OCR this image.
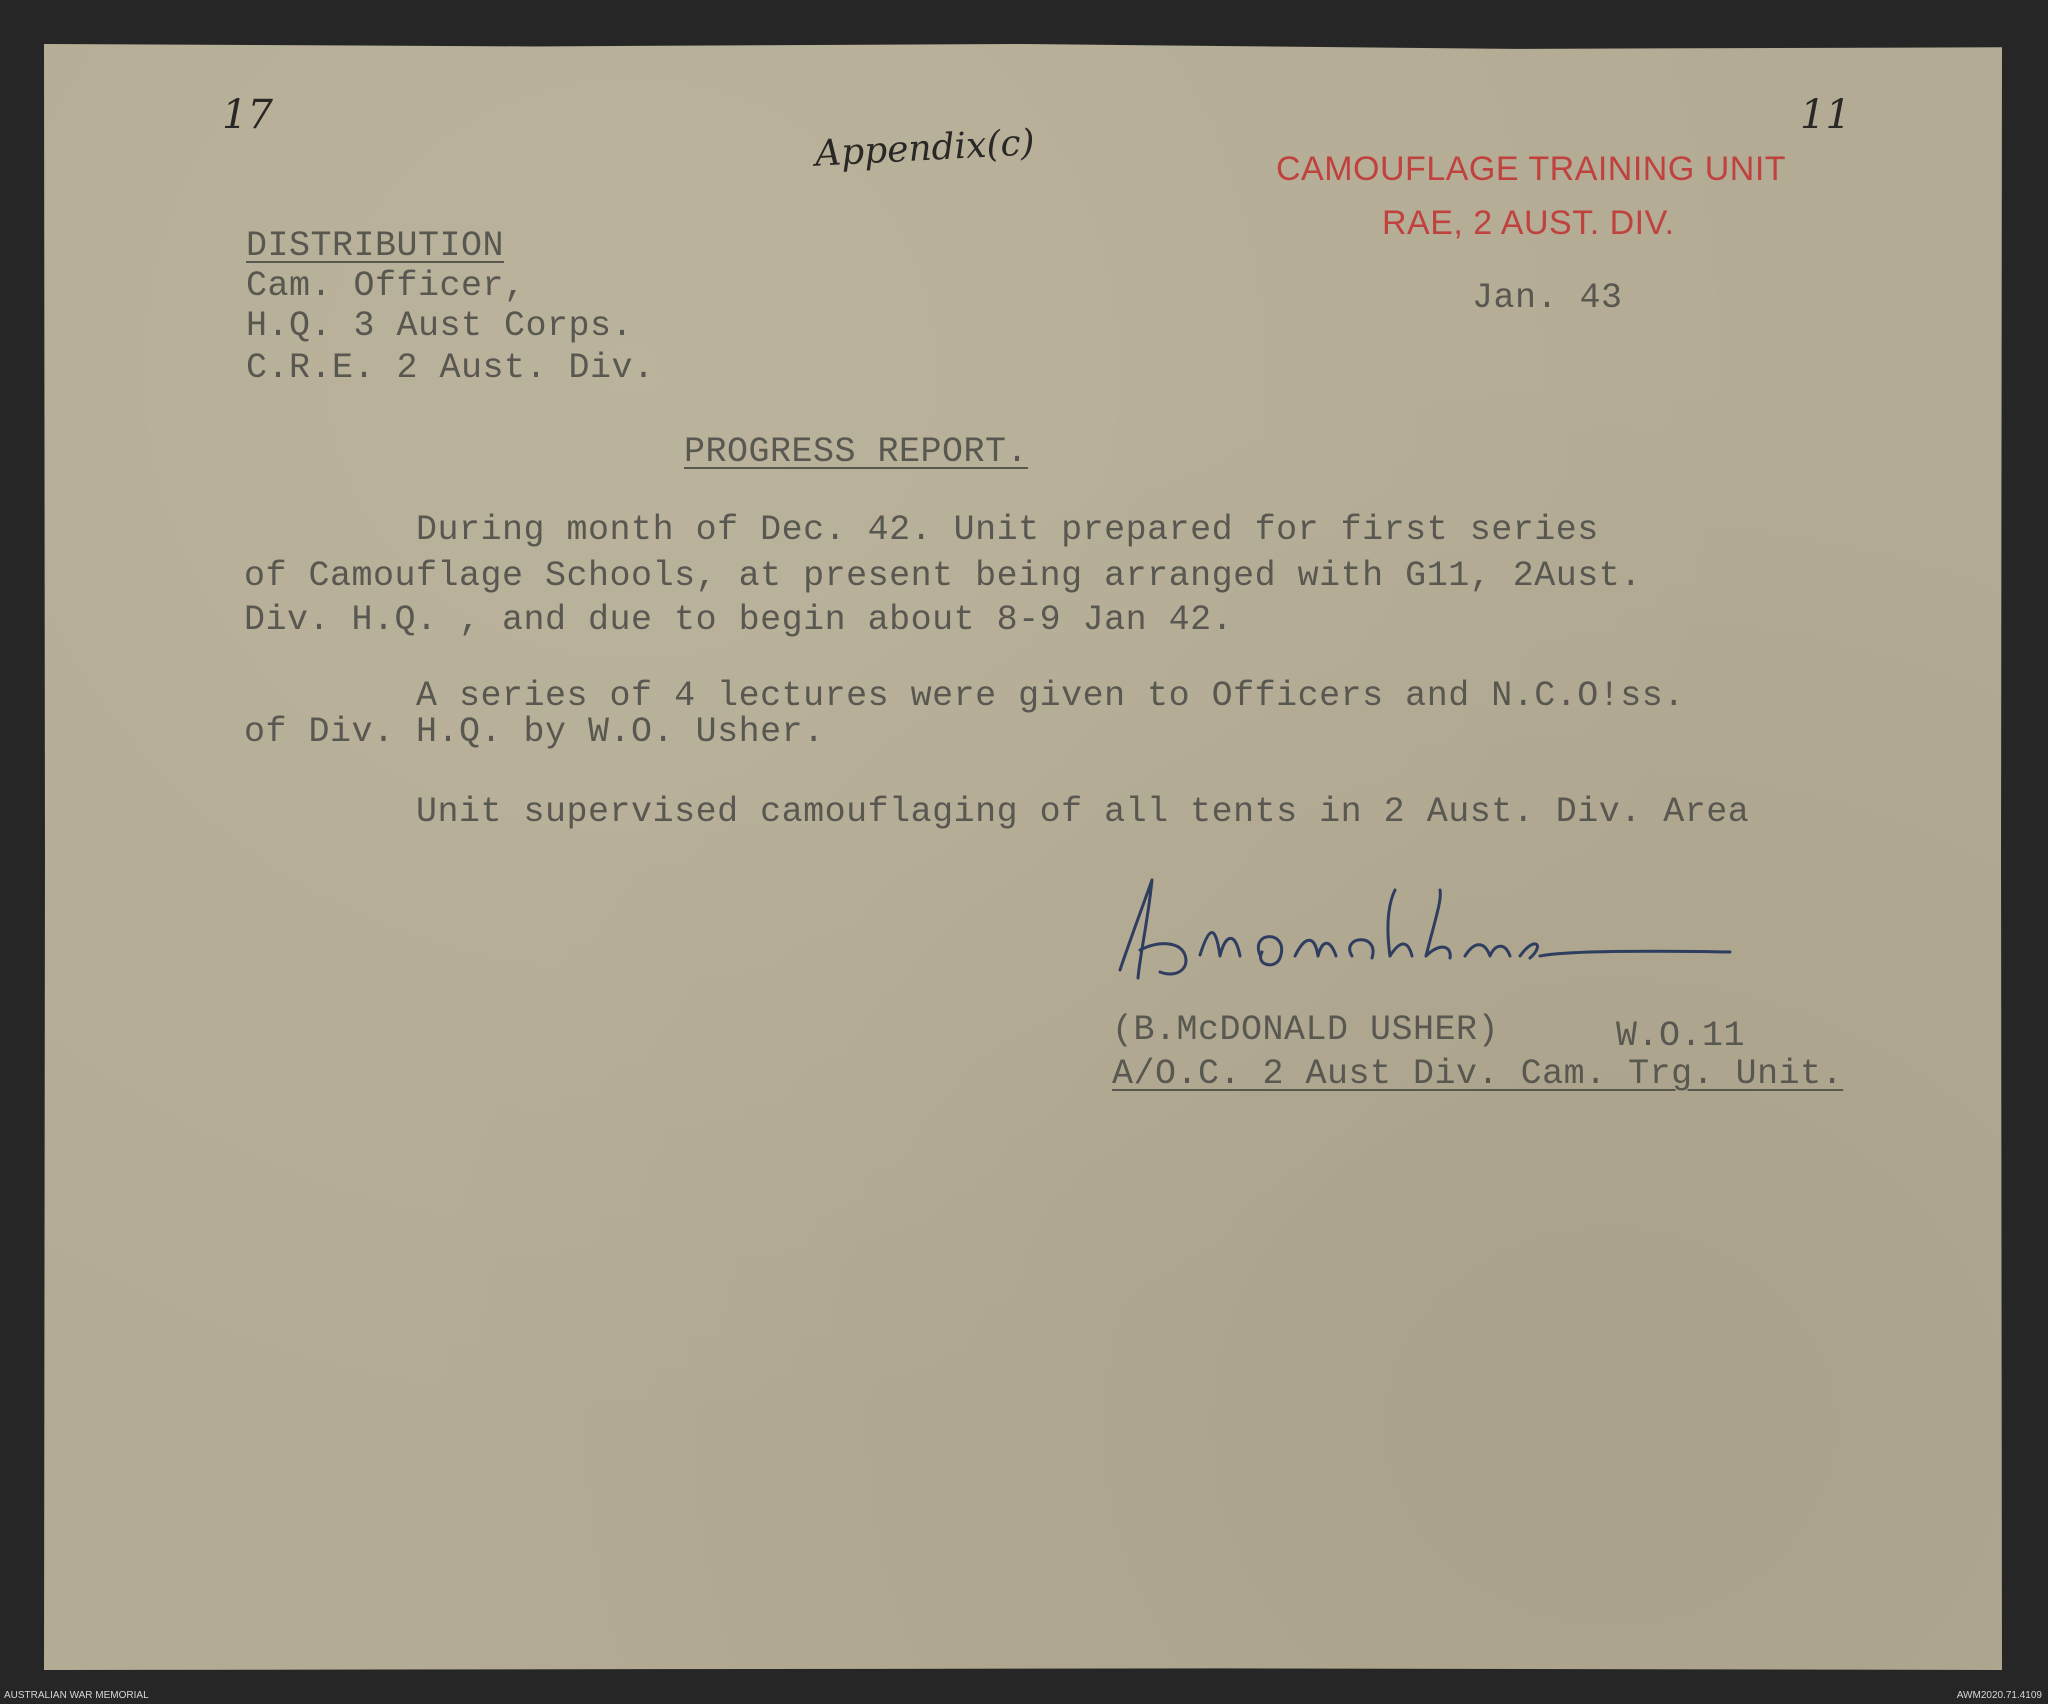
17	11
Appendix(c)	CAMOUFLAGE TRAINING UNIT
RAE, 2 AUST. DIV.
Jan. 43
DISTRIBUTION
Cam. Officer,
H.Q. 3 Aust Corps.
C.R.E. 2 Aust. Div.
PROGRESS REPORT.
During month of Dec. 42. Unit prepared for first series
of Camouflage Schools, at present being arranged with G11, 2Aust.
Div. H.Q. , and due to begin about 8-9 Jan 42.
A series of 4 lectures were given to Officers and N.C.O!ss.
of Div. H.Q. by W.O. Usher.
Unit supervised camouflaging of all tents in 2 Aust. Div. Area
(B.McDONALD USHER)	W.O.11
A/O.C. 2 Aust Div. Cam. Trg. Unit.
AUSTRALIAN WAR MEMORIAL	AWM2020.71.4109
